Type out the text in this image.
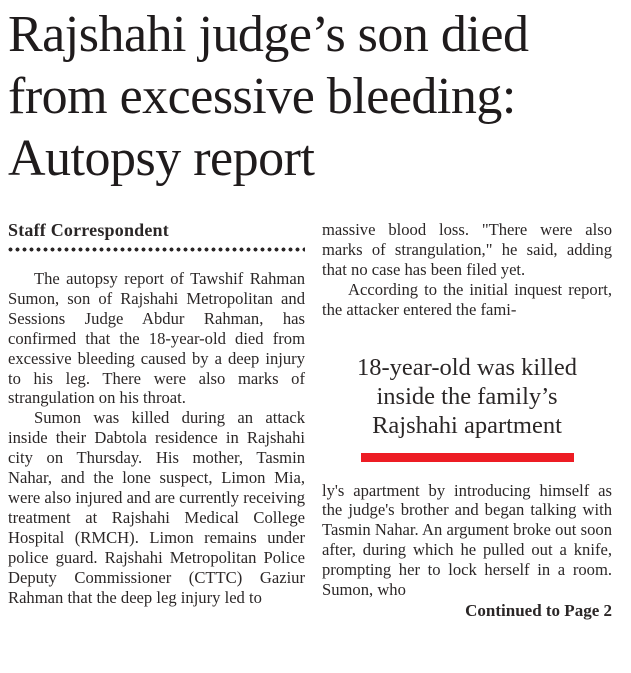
Rajshahi judge’s son died from excessive bleeding: Autopsy report
Staff Correspondent

The autopsy report of Tawshif Rahman Sumon, son of Rajshahi Metropolitan and Sessions Judge Abdur Rahman, has confirmed that the 18-year-old died from excessive bleeding caused by a deep injury to his leg. There were also marks of strangulation on his throat.

Sumon was killed during an attack inside their Dabtola residence in Rajshahi city on Thursday. His mother, Tasmin Nahar, and the lone suspect, Limon Mia, were also injured and are currently receiving treatment at Rajshahi Medical College Hospital (RMCH). Limon remains under police guard. Rajshahi Metropolitan Police Deputy Commissioner (CTTC) Gaziur Rahman that the deep leg injury led to

massive blood loss. "There were also marks of strangulation," he said, adding that no case has been filed yet.

According to the initial inquest report, the attacker entered the fami-

18-year-old was killed inside the family’s Rajshahi apartment

ly's apartment by introducing himself as the judge's brother and began talking with Tasmin Nahar. An argument broke out soon after, during which he pulled out a knife, prompting her to lock herself in a room. Sumon, who

Continued to Page 2
